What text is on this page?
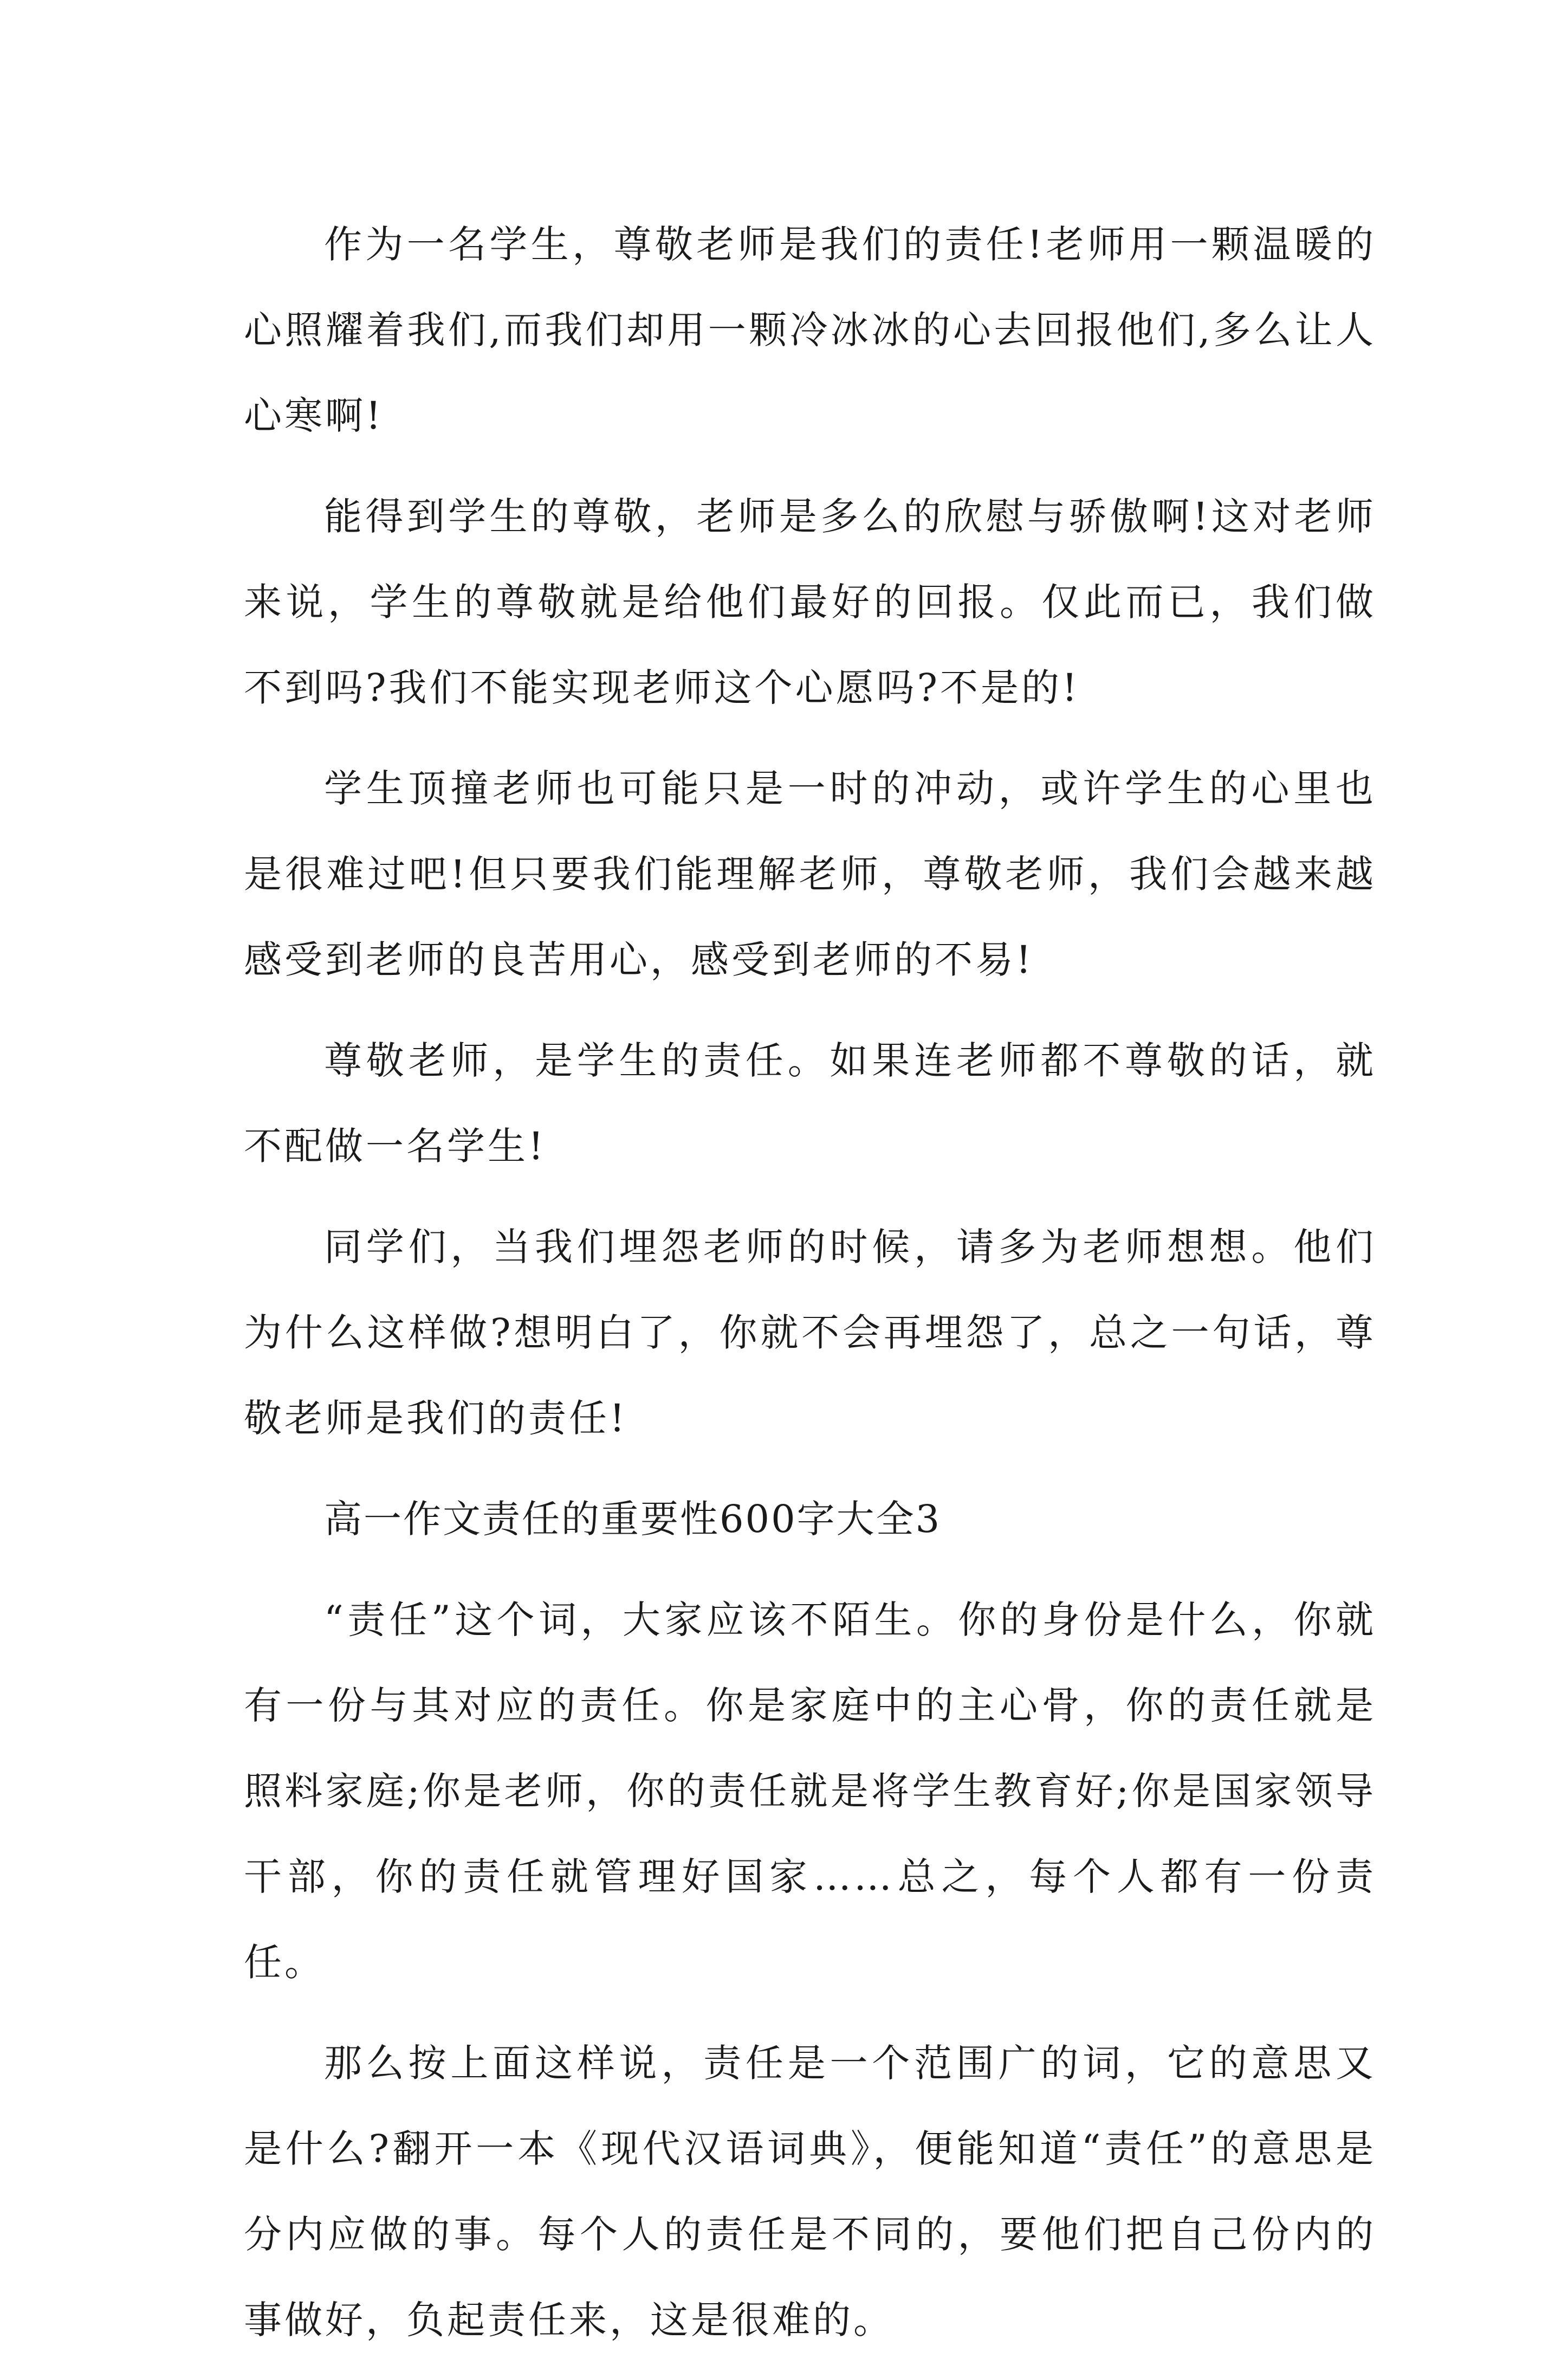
作为一名学生，尊敬老师是我们的责任!老师用一颗温暖的心照耀着我们,而我们却用一颗冷冰冰的心去回报他们,多么让人心寒啊!

能得到学生的尊敬，老师是多么的欣慰与骄傲啊!这对老师来说，学生的尊敬就是给他们最好的回报。仅此而已，我们做不到吗?我们不能实现老师这个心愿吗?不是的!

学生顶撞老师也可能只是一时的冲动，或许学生的心里也是很难过吧!但只要我们能理解老师，尊敬老师，我们会越来越感受到老师的良苦用心，感受到老师的不易!

尊敬老师，是学生的责任。如果连老师都不尊敬的话，就不配做一名学生!

同学们，当我们埋怨老师的时候，请多为老师想想。他们为什么这样做?想明白了，你就不会再埋怨了，总之一句话，尊敬老师是我们的责任!

高一作文责任的重要性600字大全3

“责任”这个词，大家应该不陌生。你的身份是什么，你就有一份与其对应的责任。你是家庭中的主心骨，你的责任就是照料家庭;你是老师，你的责任就是将学生教育好;你是国家领导干部，你的责任就管理好国家……总之，每个人都有一份责任。

那么按上面这样说，责任是一个范围广的词，它的意思又是什么?翻开一本《现代汉语词典》，便能知道“责任”的意思是分内应做的事。每个人的责任是不同的，要他们把自己份内的事做好，负起责任来，这是很难的。
